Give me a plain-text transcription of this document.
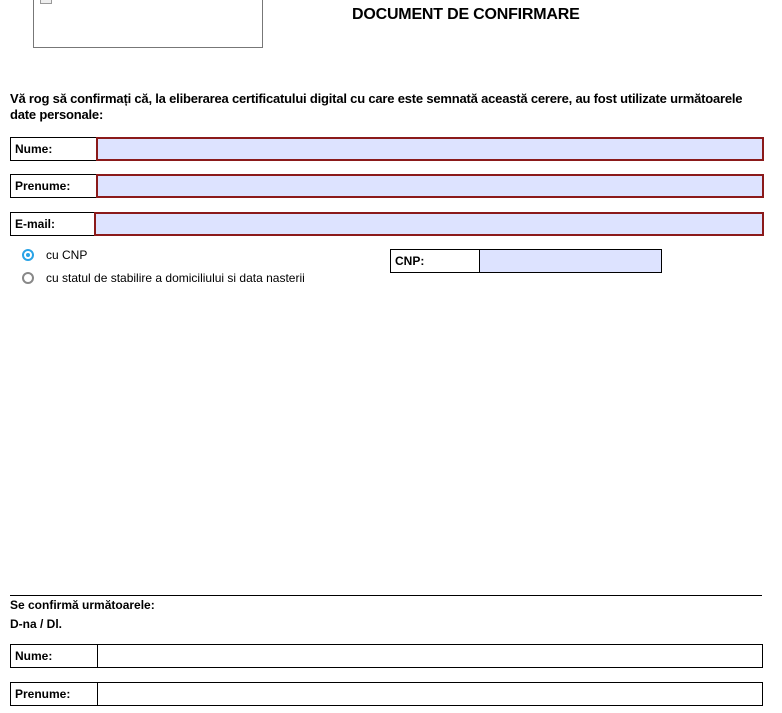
DOCUMENT DE CONFIRMARE
Vă rog să confirmați că, la eliberarea certificatului digital cu care este semnată această cerere, au fost utilizate următoarele date personale:
Nume:
Prenume:
E-mail:
cu CNP
cu statul de stabilire a domiciliului si data nasterii
CNP:
Se confirmă următoarele:
D-na / Dl.
Nume:
Prenume:
